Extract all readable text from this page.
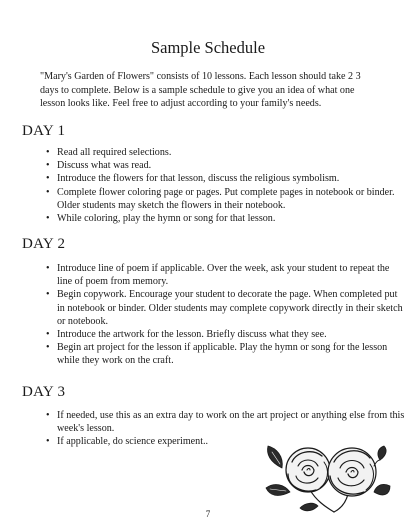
Sample Schedule
"Mary's Garden of Flowers" consists of 10 lessons. Each lesson should take 2 3 days to complete. Below is a sample schedule to give you an idea of what one lesson looks like. Feel free to adjust according to your family's needs.
DAY 1
• Read all required selections.
• Discuss what was read.
• Introduce the flowers for that lesson, discuss the religious symbolism.
• Complete flower coloring page or pages. Put complete pages in notebook or binder. Older students may sketch the flowers in their notebook.
• While coloring, play the hymn or song for that lesson.
DAY 2
• Introduce line of poem if applicable. Over the week, ask your student to repeat the line of poem from memory.
• Begin copywork. Encourage your student to decorate the page. When completed put in notebook or binder. Older students may complete copywork directly in their sketch or notebook.
• Introduce the artwork for the lesson. Briefly discuss what they see.
• Begin art project for the lesson if applicable. Play the hymn or song for the lesson while they work on the craft.
DAY 3
• If needed, use this as an extra day to work on the art project or anything else from this week's lesson.
• If applicable, do science experiment..
7
